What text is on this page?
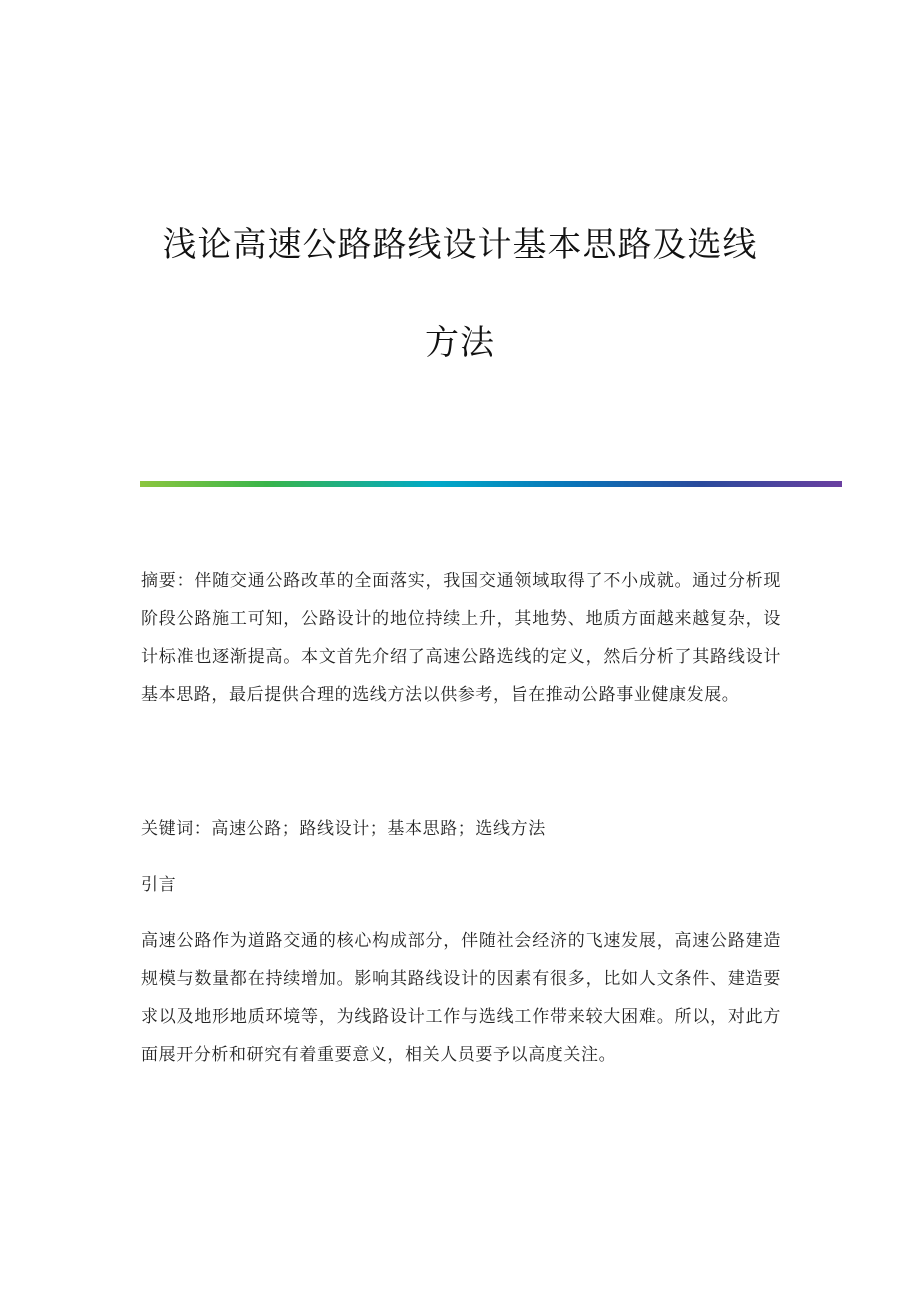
浅论高速公路路线设计基本思路及选线
方法

摘要：伴随交通公路改革的全面落实，我国交通领域取得了不小成就。通过分析现阶段公路施工可知，公路设计的地位持续上升，其地势、地质方面越来越复杂，设计标准也逐渐提高。本文首先介绍了高速公路选线的定义，然后分析了其路线设计基本思路，最后提供合理的选线方法以供参考，旨在推动公路事业健康发展。

关键词：高速公路；路线设计；基本思路；选线方法

引言

高速公路作为道路交通的核心构成部分，伴随社会经济的飞速发展，高速公路建造规模与数量都在持续增加。影响其路线设计的因素有很多，比如人文条件、建造要求以及地形地质环境等，为线路设计工作与选线工作带来较大困难。所以，对此方面展开分析和研究有着重要意义，相关人员要予以高度关注。
